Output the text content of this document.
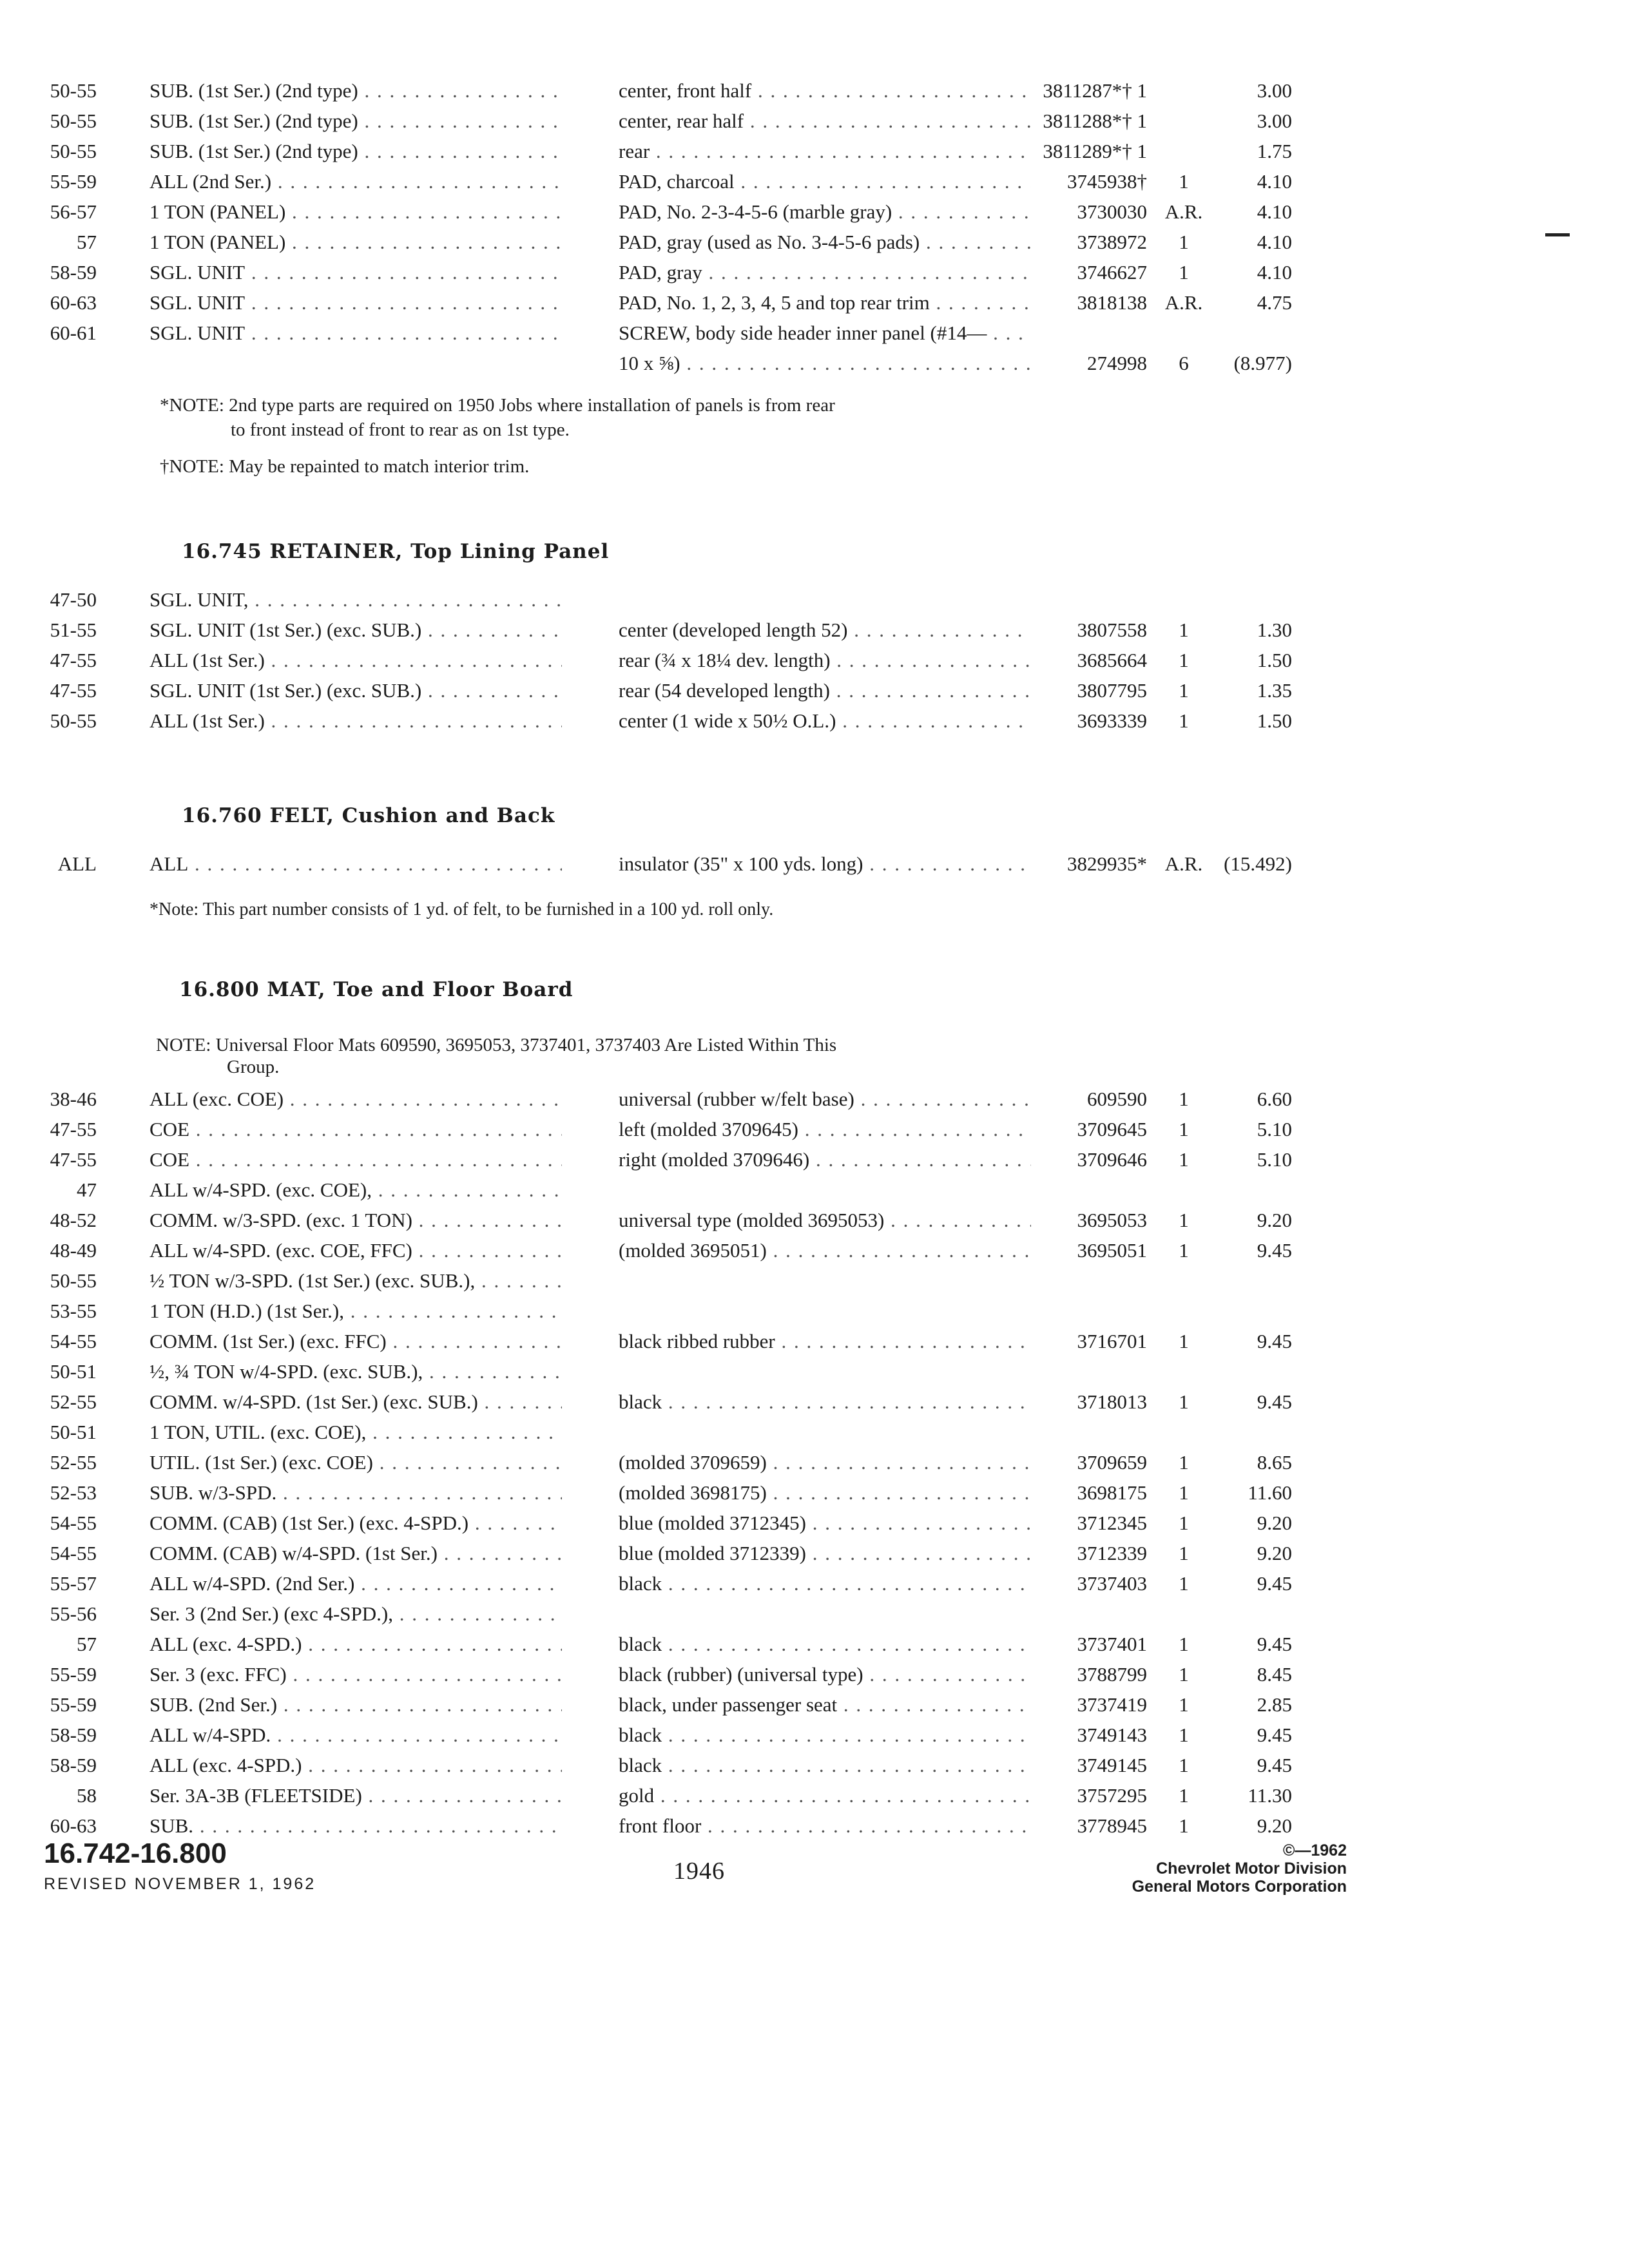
50-55	SUB. (1st Ser.) (2nd type) . . .	center, front half . . .	3811287*† 1	3.00
50-55	SUB. (1st Ser.) (2nd type) . . .	center, rear half . . .	3811288*† 1	3.00
50-55	SUB. (1st Ser.) (2nd type) . . .	rear . . .	3811289*† 1	1.75
55-59	ALL (2nd Ser.) . . .	PAD, charcoal . . .	3745938†	1	4.10
56-57	1 TON (PANEL) . . .	PAD, No. 2-3-4-5-6 (marble gray) . . .	3730030 A.R.	4.10
57	1 TON (PANEL) . . .	PAD, gray (used as No. 3-4-5-6 pads) . . .	3738972	1	4.10
58-59	SGL. UNIT . . .	PAD, gray . . .	3746627	1	4.10
60-63	SGL. UNIT . . .	PAD, No. 1, 2, 3, 4, 5 and top rear trim . . .	3818138 A.R.	4.75
60-61	SGL. UNIT . . .	SCREW, body side header inner panel (#14— . . .
10 x ⅝) . . .	274998	6	(8.977)
*NOTE: 2nd type parts are required on 1950 Jobs where installation of panels is from rear
to front instead of front to rear as on 1st type.
†NOTE: May be repainted to match interior trim.
16.745 RETAINER, Top Lining Panel
47-50	SGL. UNIT, . . .
51-55	SGL. UNIT (1st Ser.) (exc. SUB.) . . .	center (developed length 52) . . .	3807558	1	1.30
47-55	ALL (1st Ser.) . . .	rear (¾ x 18¼ dev. length) . . .	3685664	1	1.50
47-55	SGL. UNIT (1st Ser.) (exc. SUB.) . . .	rear (54 developed length) . . .	3807795	1	1.35
50-55	ALL (1st Ser.) . . .	center (1 wide x 50½ O.L.) . . .	3693339	1	1.50
16.760 FELT, Cushion and Back
ALL	ALL . . .	insulator (35" x 100 yds. long) . . .	3829935* A.R.	(15.492)
*Note: This part number consists of 1 yd. of felt, to be furnished in a 100 yd. roll only.
16.800 MAT, Toe and Floor Board
NOTE: Universal Floor Mats 609590, 3695053, 3737401, 3737403 Are Listed Within This
Group.
38-46	ALL (exc. COE) . . .	universal (rubber w/felt base) . . .	609590	1	6.60
47-55	COE . . .	left (molded 3709645) . . .	3709645	1	5.10
47-55	COE . . .	right (molded 3709646) . . .	3709646	1	5.10
47	ALL w/4-SPD. (exc. COE), . . .
48-52	COMM. w/3-SPD. (exc. 1 TON) . . .	universal type (molded 3695053) . . .	3695053	1	9.20
48-49	ALL w/4-SPD. (exc. COE, FFC) . . .	(molded 3695051) . . .	3695051	1	9.45
50-55	½ TON w/3-SPD. (1st Ser.) (exc. SUB.), . . .
53-55	1 TON (H.D.) (1st Ser.), . . .
54-55	COMM. (1st Ser.) (exc. FFC) . . .	black ribbed rubber . . .	3716701	1	9.45
50-51	½, ¾ TON w/4-SPD. (exc. SUB.), . . .
52-55	COMM. w/4-SPD. (1st Ser.) (exc. SUB.) . . .	black . . .	3718013	1	9.45
50-51	1 TON, UTIL. (exc. COE), . . .
52-55	UTIL. (1st Ser.) (exc. COE) . . .	(molded 3709659) . . .	3709659	1	8.65
52-53	SUB. w/3-SPD. . . .	(molded 3698175) . . .	3698175	1	11.60
54-55	COMM. (CAB) (1st Ser.) (exc. 4-SPD.) . . .	blue (molded 3712345) . . .	3712345	1	9.20
54-55	COMM. (CAB) w/4-SPD. (1st Ser.) . . .	blue (molded 3712339) . . .	3712339	1	9.20
55-57	ALL w/4-SPD. (2nd Ser.) . . .	black . . .	3737403	1	9.45
55-56	Ser. 3 (2nd Ser.) (exc 4-SPD.), . . .
57	ALL (exc. 4-SPD.) . . .	black . . .	3737401	1	9.45
55-59	Ser. 3 (exc. FFC) . . .	black (rubber) (universal type) . . .	3788799	1	8.45
55-59	SUB. (2nd Ser.) . . .	black, under passenger seat . . .	3737419	1	2.85
58-59	ALL w/4-SPD. . . .	black . . .	3749143	1	9.45
58-59	ALL (exc. 4-SPD.) . . .	black . . .	3749145	1	9.45
58	Ser. 3A-3B (FLEETSIDE) . . .	gold . . .	3757295	1	11.30
60-63	SUB. . . .	front floor . . .	3778945	1	9.20
16.742-16.800
REVISED NOVEMBER 1, 1962	1946
©—1962
Chevrolet Motor Division
General Motors Corporation
